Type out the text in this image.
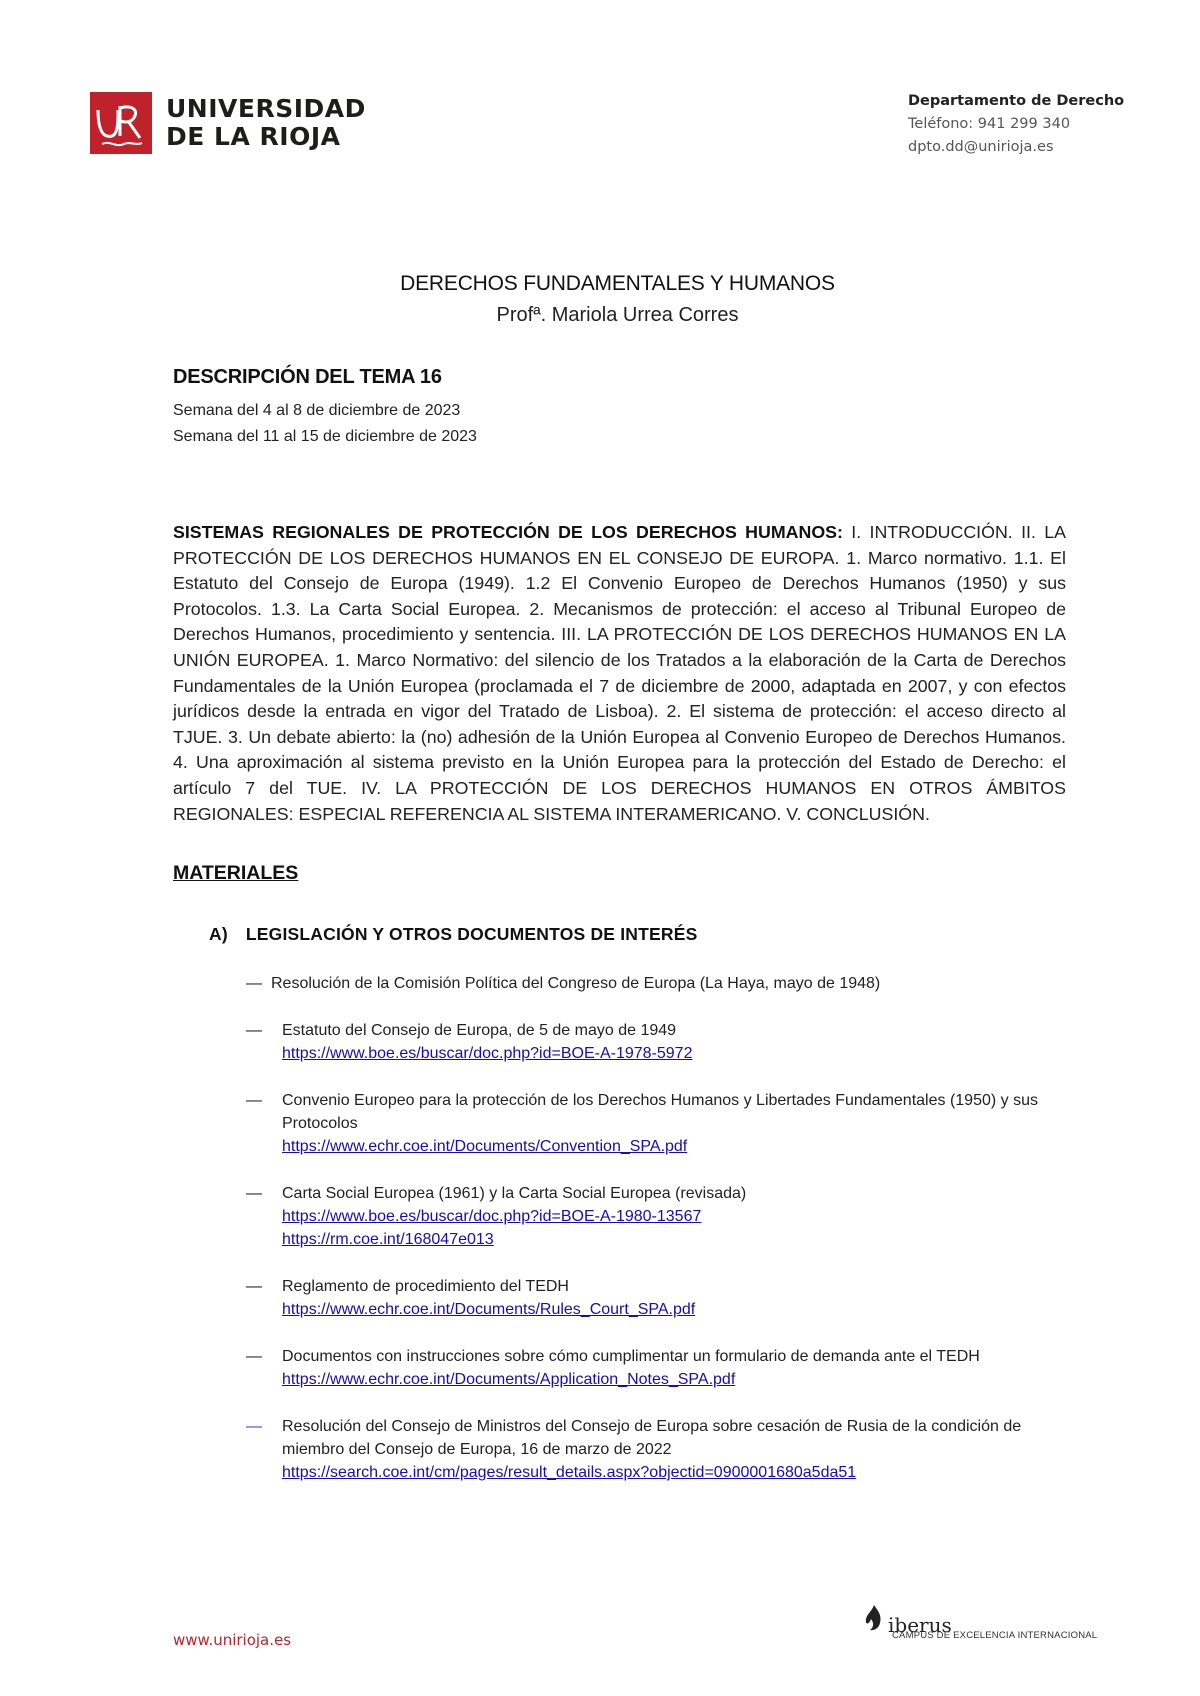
UNIVERSIDAD
DE LA RIOJA
Departamento de Derecho
Teléfono: 941 299 340
dpto.dd@unirioja.es
DERECHOS FUNDAMENTALES Y HUMANOS
Profª. Mariola Urrea Corres
DESCRIPCIÓN DEL TEMA 16
Semana del 4 al 8 de diciembre de 2023
Semana del 11 al 15 de diciembre de 2023
SISTEMAS REGIONALES DE PROTECCIÓN DE LOS DERECHOS HUMANOS: I. INTRODUCCIÓN. II. LA PROTECCIÓN DE LOS DERECHOS HUMANOS EN EL CONSEJO DE EUROPA. 1. Marco normativo. 1.1. El Estatuto del Consejo de Europa (1949). 1.2 El Convenio Europeo de Derechos Humanos (1950) y sus Protocolos. 1.3. La Carta Social Europea. 2. Mecanismos de protección: el acceso al Tribunal Europeo de Derechos Humanos, procedimiento y sentencia. III. LA PROTECCIÓN DE LOS DERECHOS HUMANOS EN LA UNIÓN EUROPEA. 1. Marco Normativo: del silencio de los Tratados a la elaboración de la Carta de Derechos Fundamentales de la Unión Europea (proclamada el 7 de diciembre de 2000, adaptada en 2007, y con efectos jurídicos desde la entrada en vigor del Tratado de Lisboa). 2. El sistema de protección: el acceso directo al TJUE. 3. Un debate abierto: la (no) adhesión de la Unión Europea al Convenio Europeo de Derechos Humanos. 4. Una aproximación al sistema previsto en la Unión Europea para la protección del Estado de Derecho: el artículo 7 del TUE. IV. LA PROTECCIÓN DE LOS DERECHOS HUMANOS EN OTROS ÁMBITOS REGIONALES: ESPECIAL REFERENCIA AL SISTEMA INTERAMERICANO. V. CONCLUSIÓN.
MATERIALES
A) LEGISLACIÓN Y OTROS DOCUMENTOS DE INTERÉS
— Resolución de la Comisión Política del Congreso de Europa (La Haya, mayo de 1948)
— Estatuto del Consejo de Europa, de 5 de mayo de 1949
https://www.boe.es/buscar/doc.php?id=BOE-A-1978-5972
— Convenio Europeo para la protección de los Derechos Humanos y Libertades Fundamentales (1950) y sus Protocolos
https://www.echr.coe.int/Documents/Convention_SPA.pdf
— Carta Social Europea (1961) y la Carta Social Europea (revisada)
https://www.boe.es/buscar/doc.php?id=BOE-A-1980-13567
https://rm.coe.int/168047e013
— Reglamento de procedimiento del TEDH
https://www.echr.coe.int/Documents/Rules_Court_SPA.pdf
— Documentos con instrucciones sobre cómo cumplimentar un formulario de demanda ante el TEDH
https://www.echr.coe.int/Documents/Application_Notes_SPA.pdf
— Resolución del Consejo de Ministros del Consejo de Europa sobre cesación de Rusia de la condición de miembro del Consejo de Europa, 16 de marzo de 2022
https://search.coe.int/cm/pages/result_details.aspx?objectid=0900001680a5da51
www.unirioja.es
iberus
CAMPUS DE EXCELENCIA INTERNACIONAL
